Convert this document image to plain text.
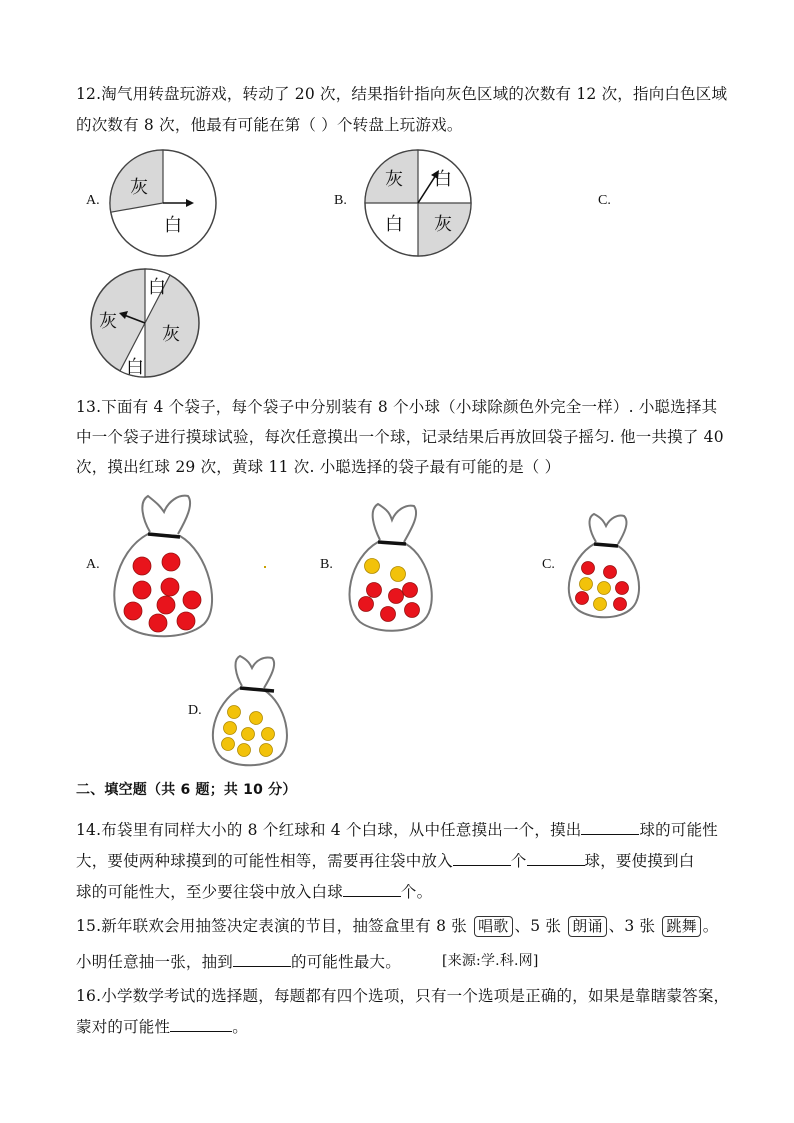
12.淘气用转盘玩游戏，转动了 20 次，结果指针指向灰色区域的次数有 12 次，指向白色区域
的次数有 8 次，他最有可能在第（ ）个转盘上玩游戏。
A.
灰
白
B.
灰 白
白 灰
C.
白
灰
灰
白
13.下面有 4 个袋子，每个袋子中分别装有 8 个小球（小球除颜色外完全一样）. 小聪选择其
中一个袋子进行摸球试验，每次任意摸出一个球，记录结果后再放回袋子摇匀. 他一共摸了 40
次，摸出红球 29 次，黄球 11 次. 小聪选择的袋子最有可能的是（ ）
A.	B.	C.
D.
二、填空题（共 6 题；共 10 分）
14.布袋里有同样大小的 8 个红球和 4 个白球，从中任意摸出一个，摸出	球的可能性
大，要使两种球摸到的可能性相等，需要再往袋中放入	个	球，要使摸到白
球的可能性大，至少要往袋中放入白球	个。
15.新年联欢会用抽签决定表演的节目，抽签盒里有 8 张 唱歌 、5 张 朗诵 、3 张 跳舞 。
小明任意抽一张，抽到	的可能性最大。	[来源:学.科.网]
16.小学数学考试的选择题，每题都有四个选项，只有一个选项是正确的，如果是靠瞎蒙答案，
蒙对的可能性	。
